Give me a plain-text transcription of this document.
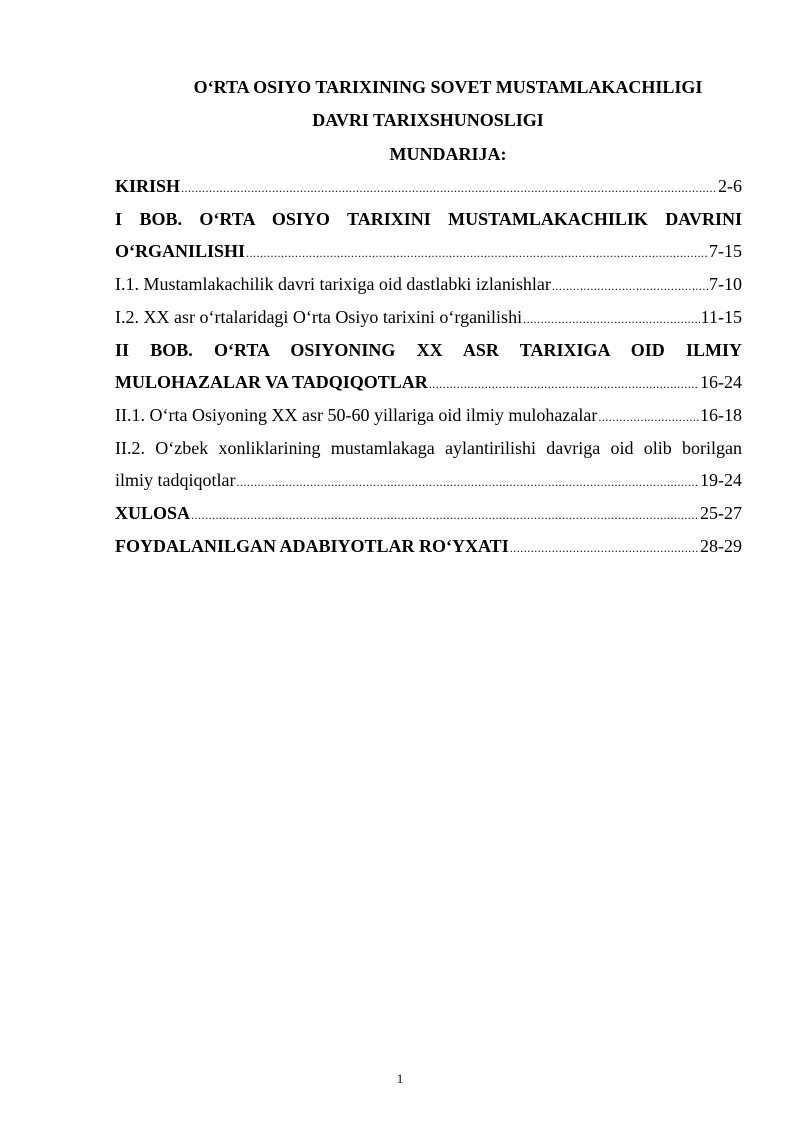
O‘RTA OSIYO TARIXINING SOVET MUSTAMLAKACHILIGI
DAVRI TARIXSHUNOSLIGI
MUNDARIJA:
KIRISH .....	2-6
I BOB. O‘RTA OSIYO TARIXINI MUSTAMLAKACHILIK DAVRINI
O‘RGANILISHI .....	7-15
I.1. Mustamlakachilik davri tarixiga oid dastlabki izlanishlar .....	7-10
I.2. XX asr o‘rtalaridagi O‘rta Osiyo tarixini o‘rganilishi .....	11-15
II BOB. O‘RTA OSIYONING XX ASR TARIXIGA OID ILMIY
MULOHAZALAR VA TADQIQOTLAR .....	16-24
II.1. O‘rta Osiyoning XX asr 50-60 yillariga oid ilmiy mulohazalar .....	16-18
II.2. O‘zbek xonliklarining mustamlakaga aylantirilishi davriga oid olib borilgan
ilmiy tadqiqotlar .....	19-24
XULOSA .....	25-27
FOYDALANILGAN ADABIYOTLAR RO‘YXATI .....	28-29
1
